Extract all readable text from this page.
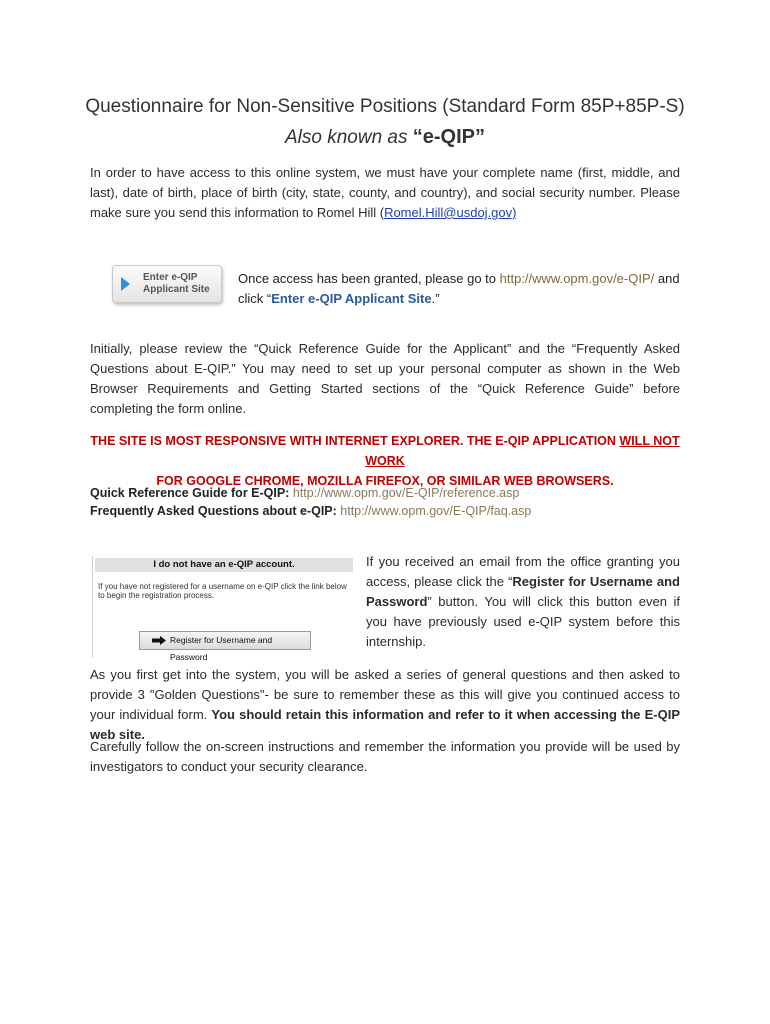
Questionnaire for Non-Sensitive Positions (Standard Form 85P+85P-S)
Also known as “e-QIP”
In order to have access to this online system, we must have your complete name (first, middle, and last), date of birth, place of birth (city, state, county, and country), and social security number. Please make sure you send this information to Romel Hill (Romel.Hill@usdoj.gov)
Enter e-QIP Applicant Site
Once access has been granted, please go to http://www.opm.gov/e-QIP/ and click “Enter e-QIP Applicant Site.”
Initially, please review the “Quick Reference Guide for the Applicant” and the “Frequently Asked Questions about E-QIP.” You may need to set up your personal computer as shown in the Web Browser Requirements and Getting Started sections of the “Quick Reference Guide” before completing the form online.
THE SITE IS MOST RESPONSIVE WITH INTERNET EXPLORER. THE E-QIP APPLICATION WILL NOT WORK
FOR GOOGLE CHROME, MOZILLA FIREFOX, OR SIMILAR WEB BROWSERS.
Quick Reference Guide for E-QIP: http://www.opm.gov/E-QIP/reference.asp
Frequently Asked Questions about e-QIP: http://www.opm.gov/E-QIP/faq.asp
I do not have an e-QIP account.
If you have not registered for a username on e-QIP click the link below to begin the registration process.
Register for Username and Password
If you received an email from the office granting you access, please click the “Register for Username and Password” button. You will click this button even if you have previously used e-QIP system before this internship.
As you first get into the system, you will be asked a series of general questions and then asked to provide 3 "Golden Questions"- be sure to remember these as this will give you continued access to your individual form. You should retain this information and refer to it when accessing the E-QIP web site.
Carefully follow the on-screen instructions and remember the information you provide will be used by investigators to conduct your security clearance.
